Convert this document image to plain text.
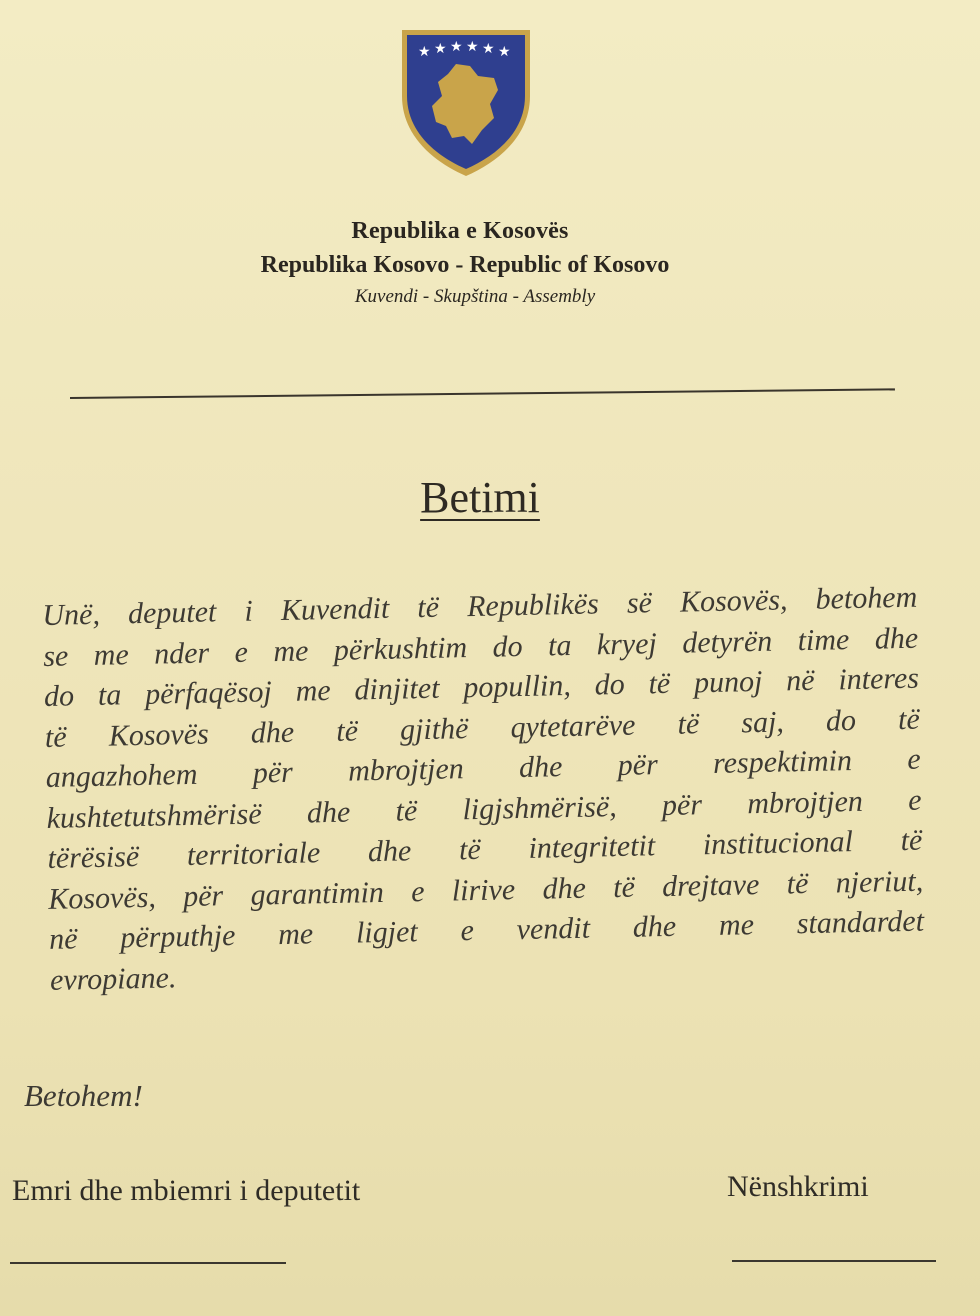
★ ★ ★ ★ ★ ★
Republika e Kosovës
Republika Kosovo - Republic of Kosovo
Kuvendi - Skupština - Assembly
Betimi
Unë, deputet i Kuvendit të Republikës së Kosovës, betohem
se me nder e me përkushtim do ta kryej detyrën time dhe
do ta përfaqësoj me dinjitet popullin, do të punoj në interes
të Kosovës dhe të gjithë qytetarëve të saj, do të
angazhohem për mbrojtjen dhe për respektimin e
kushtetutshmërisë dhe të ligjshmërisë, për mbrojtjen e
tërësisë territoriale dhe të integritetit institucional të
Kosovës, për garantimin e lirive dhe të drejtave të njeriut,
në përputhje me ligjet e vendit dhe me standardet
evropiane.
Betohem!
Emri dhe mbiemri i deputetit	Nënshkrimi
